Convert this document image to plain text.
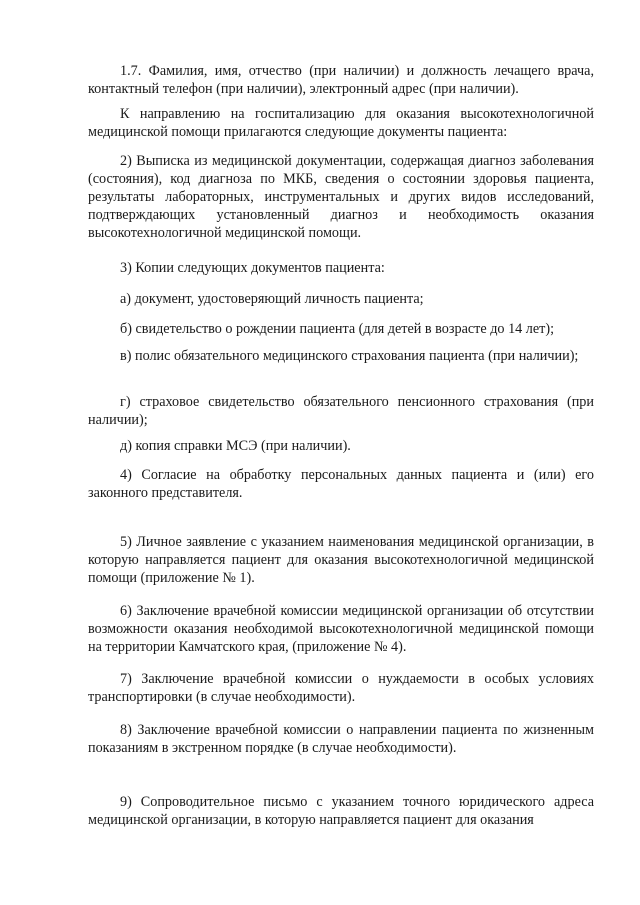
1.7. Фамилия, имя, отчество (при наличии) и должность лечащего врача, контактный телефон (при наличии), электронный адрес (при наличии).

К направлению на госпитализацию для оказания высокотехнологичной медицинской помощи прилагаются следующие документы пациента:

2) Выписка из медицинской документации, содержащая диагноз заболевания (состояния), код диагноза по МКБ, сведения о состоянии здоровья пациента, результаты лабораторных, инструментальных и других видов исследований, подтверждающих установленный диагноз и необходимость оказания высокотехнологичной медицинской помощи.

3) Копии следующих документов пациента:

а) документ, удостоверяющий личность пациента;

б) свидетельство о рождении пациента (для детей в возрасте до 14 лет);

в) полис обязательного медицинского страхования пациента (при наличии);

г) страховое свидетельство обязательного пенсионного страхования (при наличии);

д) копия справки МСЭ (при наличии).

4) Согласие на обработку персональных данных пациента и (или) его законного представителя.

5) Личное заявление с указанием наименования медицинской организации, в которую направляется пациент для оказания высокотехнологичной медицинской помощи (приложение № 1).

6) Заключение врачебной комиссии медицинской организации об отсутствии возможности оказания необходимой высокотехнологичной медицинской помощи на территории Камчатского края, (приложение № 4).

7) Заключение врачебной комиссии о нуждаемости в особых условиях транспортировки (в случае необходимости).

8) Заключение врачебной комиссии о направлении пациента по жизненным показаниям в экстренном порядке (в случае необходимости).

9) Сопроводительное письмо с указанием точного юридического адреса медицинской организации, в которую направляется пациент для оказания
